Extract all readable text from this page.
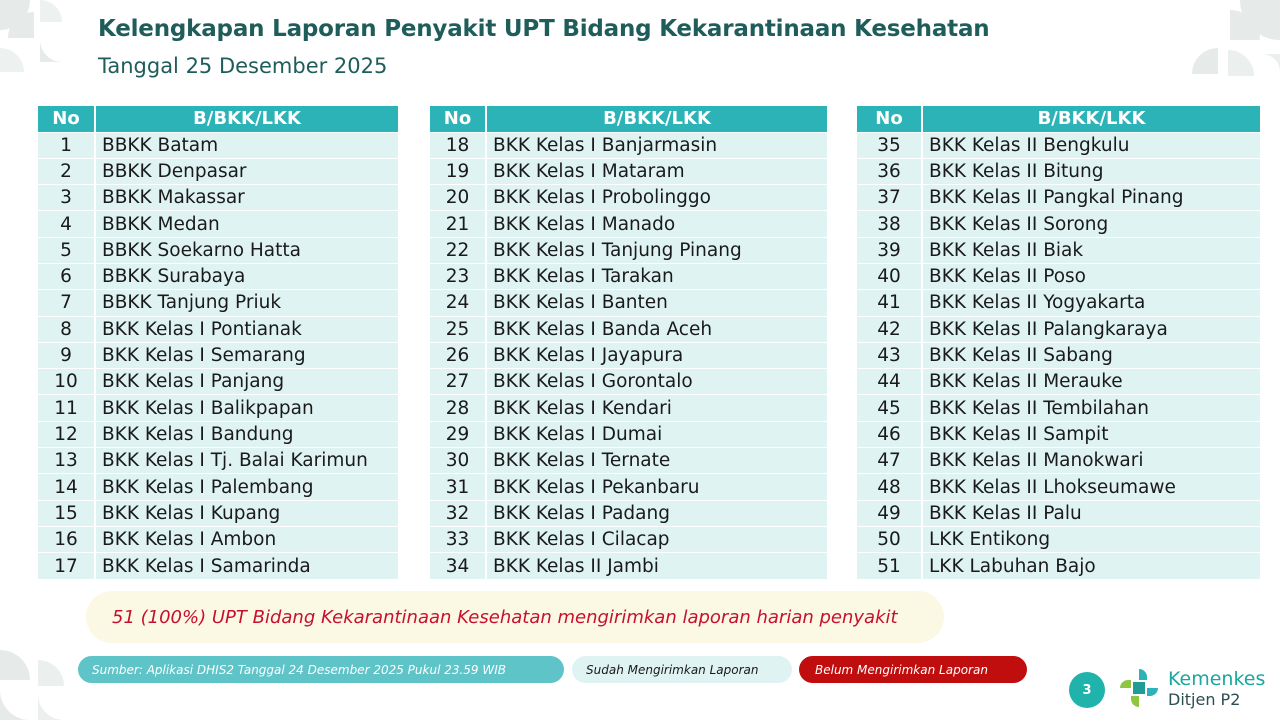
Kelengkapan Laporan Penyakit UPT Bidang Kekarantinaan Kesehatan
Tanggal 25 Desember 2025
No	B/BKK/LKK
1	BBKK Batam
2	BBKK Denpasar
3	BBKK Makassar
4	BBKK Medan
5	BBKK Soekarno Hatta
6	BBKK Surabaya
7	BBKK Tanjung Priuk
8	BKK Kelas I Pontianak
9	BKK Kelas I Semarang
10	BKK Kelas I Panjang
11	BKK Kelas I Balikpapan
12	BKK Kelas I Bandung
13	BKK Kelas I Tj. Balai Karimun
14	BKK Kelas I Palembang
15	BKK Kelas I Kupang
16	BKK Kelas I Ambon
17	BKK Kelas I Samarinda
No	B/BKK/LKK
18	BKK Kelas I Banjarmasin
19	BKK Kelas I Mataram
20	BKK Kelas I Probolinggo
21	BKK Kelas I Manado
22	BKK Kelas I Tanjung Pinang
23	BKK Kelas I Tarakan
24	BKK Kelas I Banten
25	BKK Kelas I Banda Aceh
26	BKK Kelas I Jayapura
27	BKK Kelas I Gorontalo
28	BKK Kelas I Kendari
29	BKK Kelas I Dumai
30	BKK Kelas I Ternate
31	BKK Kelas I Pekanbaru
32	BKK Kelas I Padang
33	BKK Kelas I Cilacap
34	BKK Kelas II Jambi
No	B/BKK/LKK
35	BKK Kelas II Bengkulu
36	BKK Kelas II Bitung
37	BKK Kelas II Pangkal Pinang
38	BKK Kelas II Sorong
39	BKK Kelas II Biak
40	BKK Kelas II Poso
41	BKK Kelas II Yogyakarta
42	BKK Kelas II Palangkaraya
43	BKK Kelas II Sabang
44	BKK Kelas II Merauke
45	BKK Kelas II Tembilahan
46	BKK Kelas II Sampit
47	BKK Kelas II Manokwari
48	BKK Kelas II Lhokseumawe
49	BKK Kelas II Palu
50	LKK Entikong
51	LKK Labuhan Bajo
51 (100%) UPT Bidang Kekarantinaan Kesehatan mengirimkan laporan harian penyakit
Sumber: Aplikasi DHIS2 Tanggal 24 Desember 2025 Pukul 23.59 WIB	Sudah Mengirimkan Laporan	Belum Mengirimkan Laporan
3	Kemenkes
Ditjen P2
